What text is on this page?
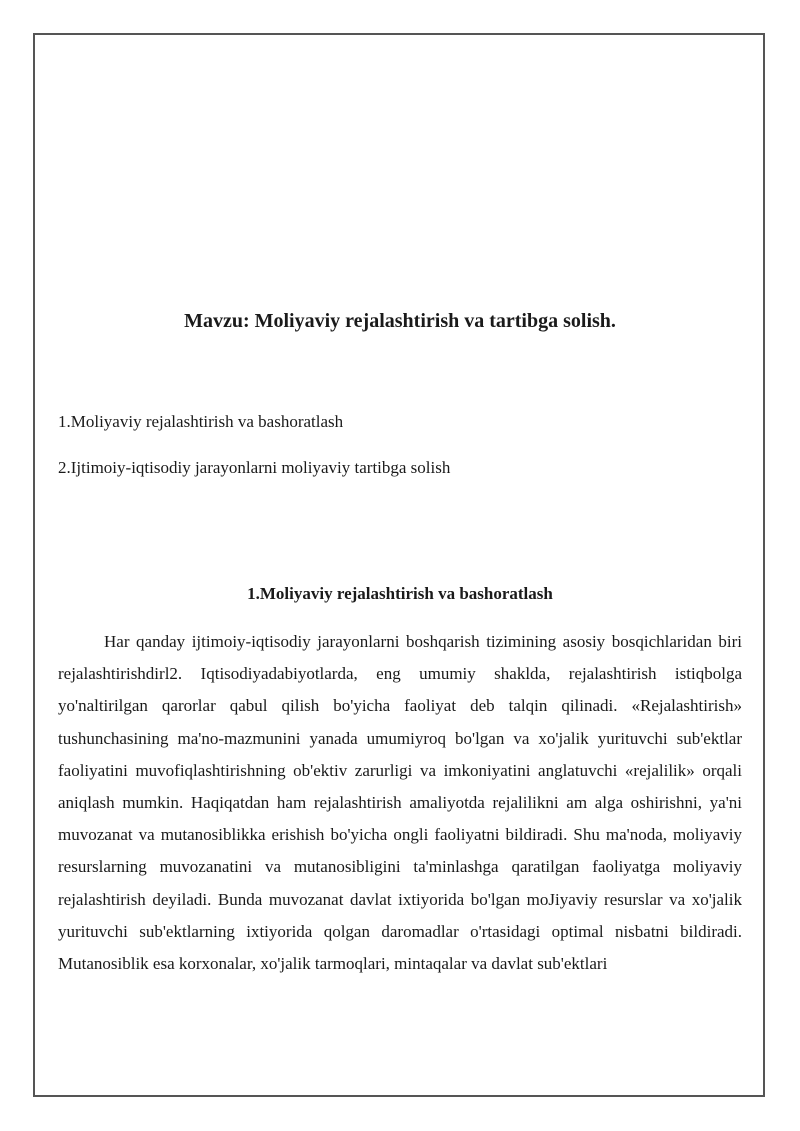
Mavzu: Moliyaviy rejalashtirish va tartibga solish.
1.Moliyaviy rejalashtirish va bashoratlash
2.Ijtimoiy-iqtisodiy jarayonlarni moliyaviy tartibga solish
1.Moliyaviy rejalashtirish va bashoratlash

Har qanday ijtimoiy-iqtisodiy jarayonlarni boshqarish tizimining asosiy bosqichlaridan biri rejalashtirishdirl2. Iqtisodiyadabiyotlarda, eng umumiy shaklda, rejalashtirish istiqbolga yo'naltirilgan qarorlar qabul qilish bo'yicha faoliyat deb talqin qilinadi. «Rejalashtirish» tushunchasining ma'no-mazmunini yanada umumiyroq bo'lgan va xo'jalik yurituvchi sub'ektlar faoliyatini muvofiqlashtirishning ob'ektiv zarurligi va imkoniyatini anglatuvchi «rejalilik» orqali aniqlash mumkin. Haqiqatdan ham rejalashtirish amaliyotda rejalilikni am alga oshirishni, ya'ni muvozanat va mutanosiblikka erishish bo'yicha ongli faoliyatni bildiradi. Shu ma'noda, moliyaviy resurslarning muvozanatini va mutanosibligini ta'minlashga qaratilgan faoliyatga moliyaviy rejalashtirish deyiladi. Bunda muvozanat davlat ixtiyorida bo'lgan moJiyaviy resurslar va xo'jalik yurituvchi sub'ektlarning ixtiyorida qolgan daromadlar o'rtasidagi optimal nisbatni bildiradi. Mutanosiblik esa korxonalar, xo'jalik tarmoqlari, mintaqalar va davlat sub'ektlari
